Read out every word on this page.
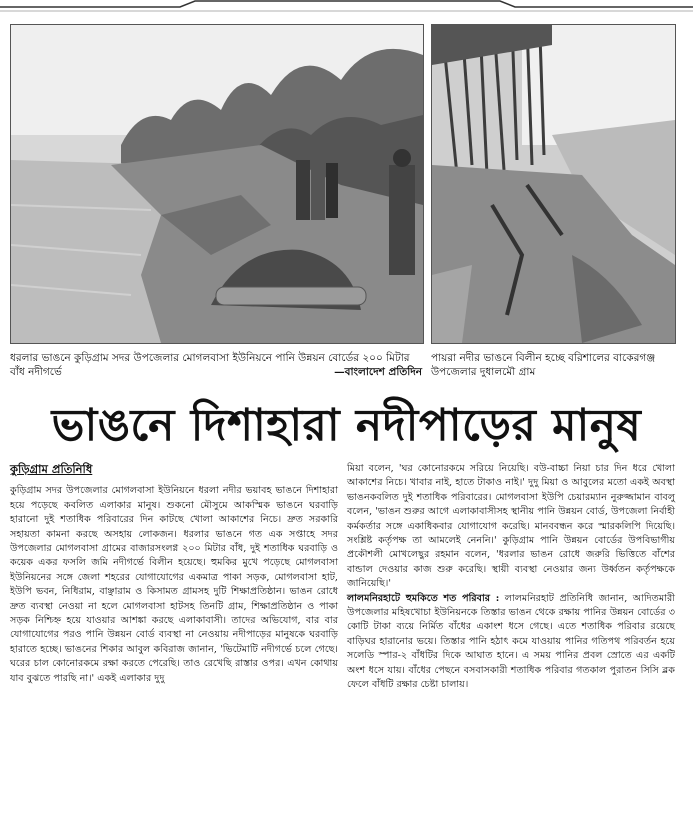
ধরলার ভাঙনে কুড়িগ্রাম সদর উপজেলার মোগলবাসা ইউনিয়নে পানি উন্নয়ন বোর্ডের ২০০ মিটার বাঁধ নদীগর্ভে	—বাংলাদেশ প্রতিদিন
পায়রা নদীর ভাঙনে বিলীন হচ্ছে বরিশালের বাকেরগঞ্জ উপজেলার দুধালমৌ গ্রাম
ভাঙনে দিশাহারা নদীপাড়ের মানুষ
কুড়িগ্রাম প্রতিনিধি

কুড়িগ্রাম সদর উপজেলার মোগলবাসা ইউনিয়নে ধরলা নদীর ভয়াবহ ভাঙনে দিশাহারা হয়ে পড়েছে কবলিত এলাকার মানুষ। শুকনো মৌসুমে আকস্মিক ভাঙনে ঘরবাড়ি হারানো দুই শতাধিক পরিবারের দিন কাটছে খোলা আকাশের নিচে। দ্রুত সরকারি সহায়তা কামনা করছে অসহায় লোকজন। ধরলার ভাঙনে গত এক সপ্তাহে সদর উপজেলার মোগলবাসা গ্রামের বাজারসংলগ্ন ২০০ মিটার বাঁধ, দুই শতাধিক ঘরবাড়ি ও কয়েক একর ফসলি জমি নদীগর্ভে বিলীন হয়েছে। হুমকির মুখে পড়েছে মোগলবাসা ইউনিয়নের সঙ্গে জেলা শহরের যোগাযোগের একমাত্র পাকা সড়ক, মোগলবাসা হাট, ইউপি ভবন, নিধিরাম, বাঞ্ছারাম ও কিসামত গ্রামসহ দুটি শিক্ষাপ্রতিষ্ঠান। ভাঙন রোধে দ্রুত ব্যবস্থা নেওয়া না হলে মোগলবাসা হাটসহ তিনটি গ্রাম, শিক্ষাপ্রতিষ্ঠান ও পাকা সড়ক নিশ্চিহ্ন হয়ে যাওয়ার আশঙ্কা করছে এলাকাবাসী। তাদের অভিযোগ, বার বার যোগাযোগের পরও পানি উন্নয়ন বোর্ড ব্যবস্থা না নেওয়ায় নদীপাড়ের মানুষকে ঘরবাড়ি হারাতে হচ্ছে। ভাঙনের শিকার আবুল কবিরাজ জানান, 'ভিটেমাটি নদীগর্ভে চলে গেছে। ঘরের চাল কোনোরকমে রক্ষা করতে পেরেছি। তাও রেখেছি রাস্তার ওপর। এখন কোথায় যাব বুঝতে পারছি না।' একই এলাকার দুদু

মিয়া বলেন, 'ঘর কোনোরকমে সরিয়ে নিয়েছি। বউ-বাচ্চা নিয়া চার দিন ধরে খোলা আকাশের নিচে। খাবার নাই, হাতে টাকাও নাই।' দুদু মিয়া ও আবুলের মতো একই অবস্থা ভাঙনকবলিত দুই শতাধিক পরিবারের। মোগলবাসা ইউপি চেয়ারম্যান নুরুজ্জামান বাবলু বলেন, 'ভাঙন শুরুর আগে এলাকাবাসীসহ স্থানীয় পানি উন্নয়ন বোর্ড, উপজেলা নির্বাহী কর্মকর্তার সঙ্গে একাধিকবার যোগাযোগ করেছি। মানববন্ধন করে স্মারকলিপি দিয়েছি। সংশ্লিষ্ট কর্তৃপক্ষ তা আমলেই নেননি।' কুড়িগ্রাম পানি উন্নয়ন বোর্ডের উপবিভাগীয় প্রকৌশলী মোখলেছুর রহমান বলেন, 'ধরলার ভাঙন রোধে জরুরি ভিত্তিতে বাঁশের বান্ডাল দেওয়ার কাজ শুরু করেছি। স্থায়ী ব্যবস্থা নেওয়ার জন্য উর্ধ্বতন কর্তৃপক্ষকে জানিয়েছি।'

লালমনিরহাটে হুমকিতে শত পরিবার : লালমনিরহাট প্রতিনিধি জানান, আদিতমারী উপজেলার মহিষখোচা ইউনিয়নকে তিস্তার ভাঙন থেকে রক্ষায় পানির উন্নয়ন বোর্ডের ৩ কোটি টাকা ব্যয়ে নির্মিত বাঁধের একাংশ ধসে গেছে। এতে শতাধিক পরিবার রয়েছে বাড়িঘর হারানোর ভয়ে। তিস্তার পানি হঠাৎ কমে যাওয়ায় পানির গতিপথ পরিবর্তন হয়ে সলেডি স্পার-২ বাঁধটির দিকে আঘাত হানে। এ সময় পানির প্রবল স্রোতে এর একটি অংশ ধসে যায়। বাঁধের পেছনে বসবাসকারী শতাধিক পরিবার গতকাল পুরাতন সিসি ব্লক ফেলে বাঁধটি রক্ষার চেষ্টা চালায়।
